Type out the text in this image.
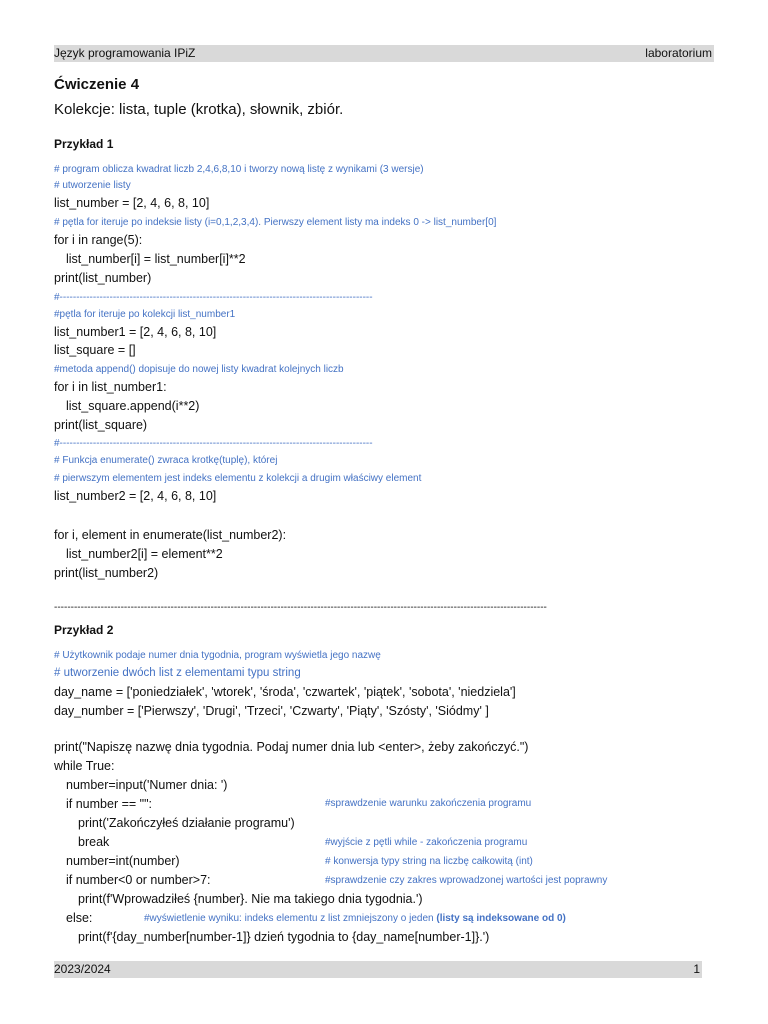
Język programowania IPiZ	laboratorium
Ćwiczenie 4
Kolekcje: lista, tuple (krotka), słownik, zbiór.
Przykład 1
# program oblicza kwadrat liczb 2,4,6,8,10 i tworzy nową listę z wynikami (3 wersje)
# utworzenie listy
list_number = [2, 4, 6, 8, 10]
# pętla for iteruje po indeksie listy (i=0,1,2,3,4). Pierwszy element listy ma indeks 0 -> list_number[0]
for i in range(5):
list_number[i] = list_number[i]**2
print(list_number)
#----------------------------------------------------------------------------------------------
#pętla for iteruje po kolekcji list_number1
list_number1 = [2, 4, 6, 8, 10]
list_square = []
#metoda append() dopisuje do nowej listy kwadrat kolejnych liczb
for i in list_number1:
list_square.append(i**2)
print(list_square)
#----------------------------------------------------------------------------------------------
# Funkcja enumerate() zwraca krotkę(tuplę), której
# pierwszym elementem jest indeks elementu z kolekcji a drugim właściwy element
list_number2 = [2, 4, 6, 8, 10]
for i, element in enumerate(list_number2):
list_number2[i] = element**2
print(list_number2)
----------------------------------------------------------------------------------------------------------------------------------------------------
Przykład 2
# Użytkownik podaje numer dnia tygodnia, program wyświetla jego nazwę
# utworzenie dwóch list z elementami typu string
day_name = ['poniedziałek', 'wtorek', 'środa', 'czwartek', 'piątek', 'sobota', 'niedziela']
day_number = ['Pierwszy', 'Drugi', 'Trzeci', 'Czwarty', 'Piąty', 'Szósty', 'Siódmy' ]
print("Napiszę nazwę dnia tygodnia. Podaj numer dnia lub <enter>, żeby zakończyć.")
while True:
number=input('Numer dnia: ')
if number == "":	#sprawdzenie warunku zakończenia programu
print('Zakończyłeś działanie programu')
break	#wyjście z pętli while - zakończenia programu
number=int(number)	# konwersja typy string na liczbę całkowitą (int)
if number<0 or number>7:	#sprawdzenie czy zakres wprowadzonej wartości jest poprawny
print(f'Wprowadziłeś {number}. Nie ma takiego dnia tygodnia.')
else:	#wyświetlenie wyniku: indeks elementu z list zmniejszony o jeden (listy są indeksowane od 0)
print(f'{day_number[number-1]} dzień tygodnia to {day_name[number-1]}.')
2023/2024	1
